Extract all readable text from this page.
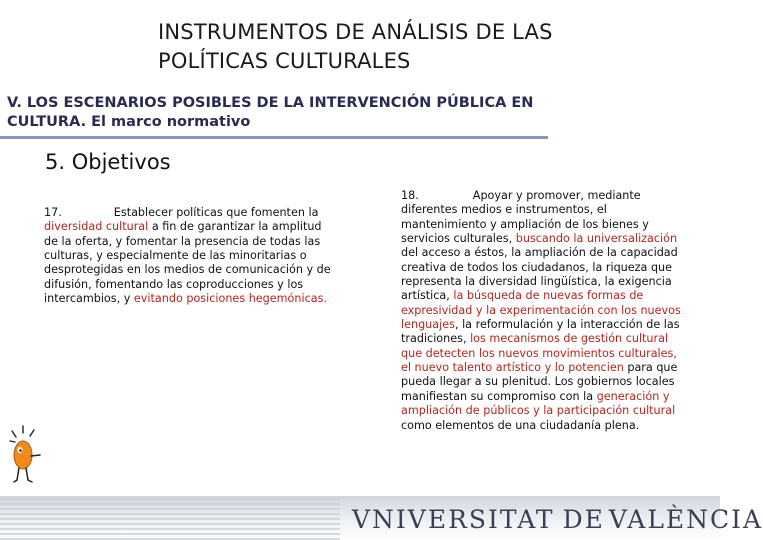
INSTRUMENTOS DE ANÁLISIS DE LAS
POLÍTICAS CULTURALES
V. LOS ESCENARIOS POSIBLES DE LA INTERVENCIÓN PÚBLICA EN
CULTURA. El marco normativo
5. Objetivos

17.	Establecer políticas que fomenten la diversidad cultural a fin de garantizar la amplitud de la oferta, y fomentar la presencia de todas las culturas, y especialmente de las minoritarias o desprotegidas en los medios de comunicación y de difusión, fomentando las coproducciones y los intercambios, y evitando posiciones hegemónicas.

18.	Apoyar y promover, mediante diferentes medios e instrumentos, el mantenimiento y ampliación de los bienes y servicios culturales, buscando la universalización del acceso a éstos, la ampliación de la capacidad creativa de todos los ciudadanos, la riqueza que representa la diversidad lingüística, la exigencia artística, la búsqueda de nuevas formas de expresividad y la experimentación con los nuevos lenguajes, la reformulación y la interacción de las tradiciones, los mecanismos de gestión cultural que detecten los nuevos movimientos culturales, el nuevo talento artístico y lo potencien para que pueda llegar a su plenitud. Los gobiernos locales manifiestan su compromiso con la generación y ampliación de públicos y la participación cultural como elementos de una ciudadanía plena.

VNIVERSITAT DE VALÈNCIA
